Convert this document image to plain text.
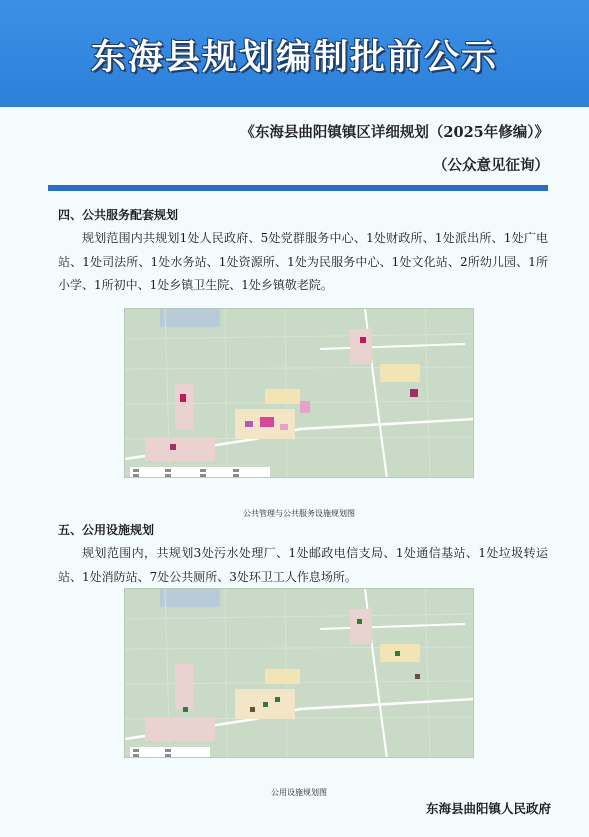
东海县规划编制批前公示
《东海县曲阳镇镇区详细规划（2025年修编）》
（公众意见征询）
四、公共服务配套规划
规划范围内共规划1处人民政府、5处党群服务中心、1处财政所、1处派出所、1处广电站、1处司法所、1处水务站、1处资源所、1处为民服务中心、1处文化站、2所幼儿园、1所小学、1所初中、1处乡镇卫生院、1处乡镇敬老院。
公共管理与公共服务设施规划图
五、公用设施规划
规划范围内，共规划3处污水处理厂、1处邮政电信支局、1处通信基站、1处垃圾转运站、1处消防站、7处公共厕所、3处环卫工人作息场所。
公用设施规划图
东海县曲阳镇人民政府
